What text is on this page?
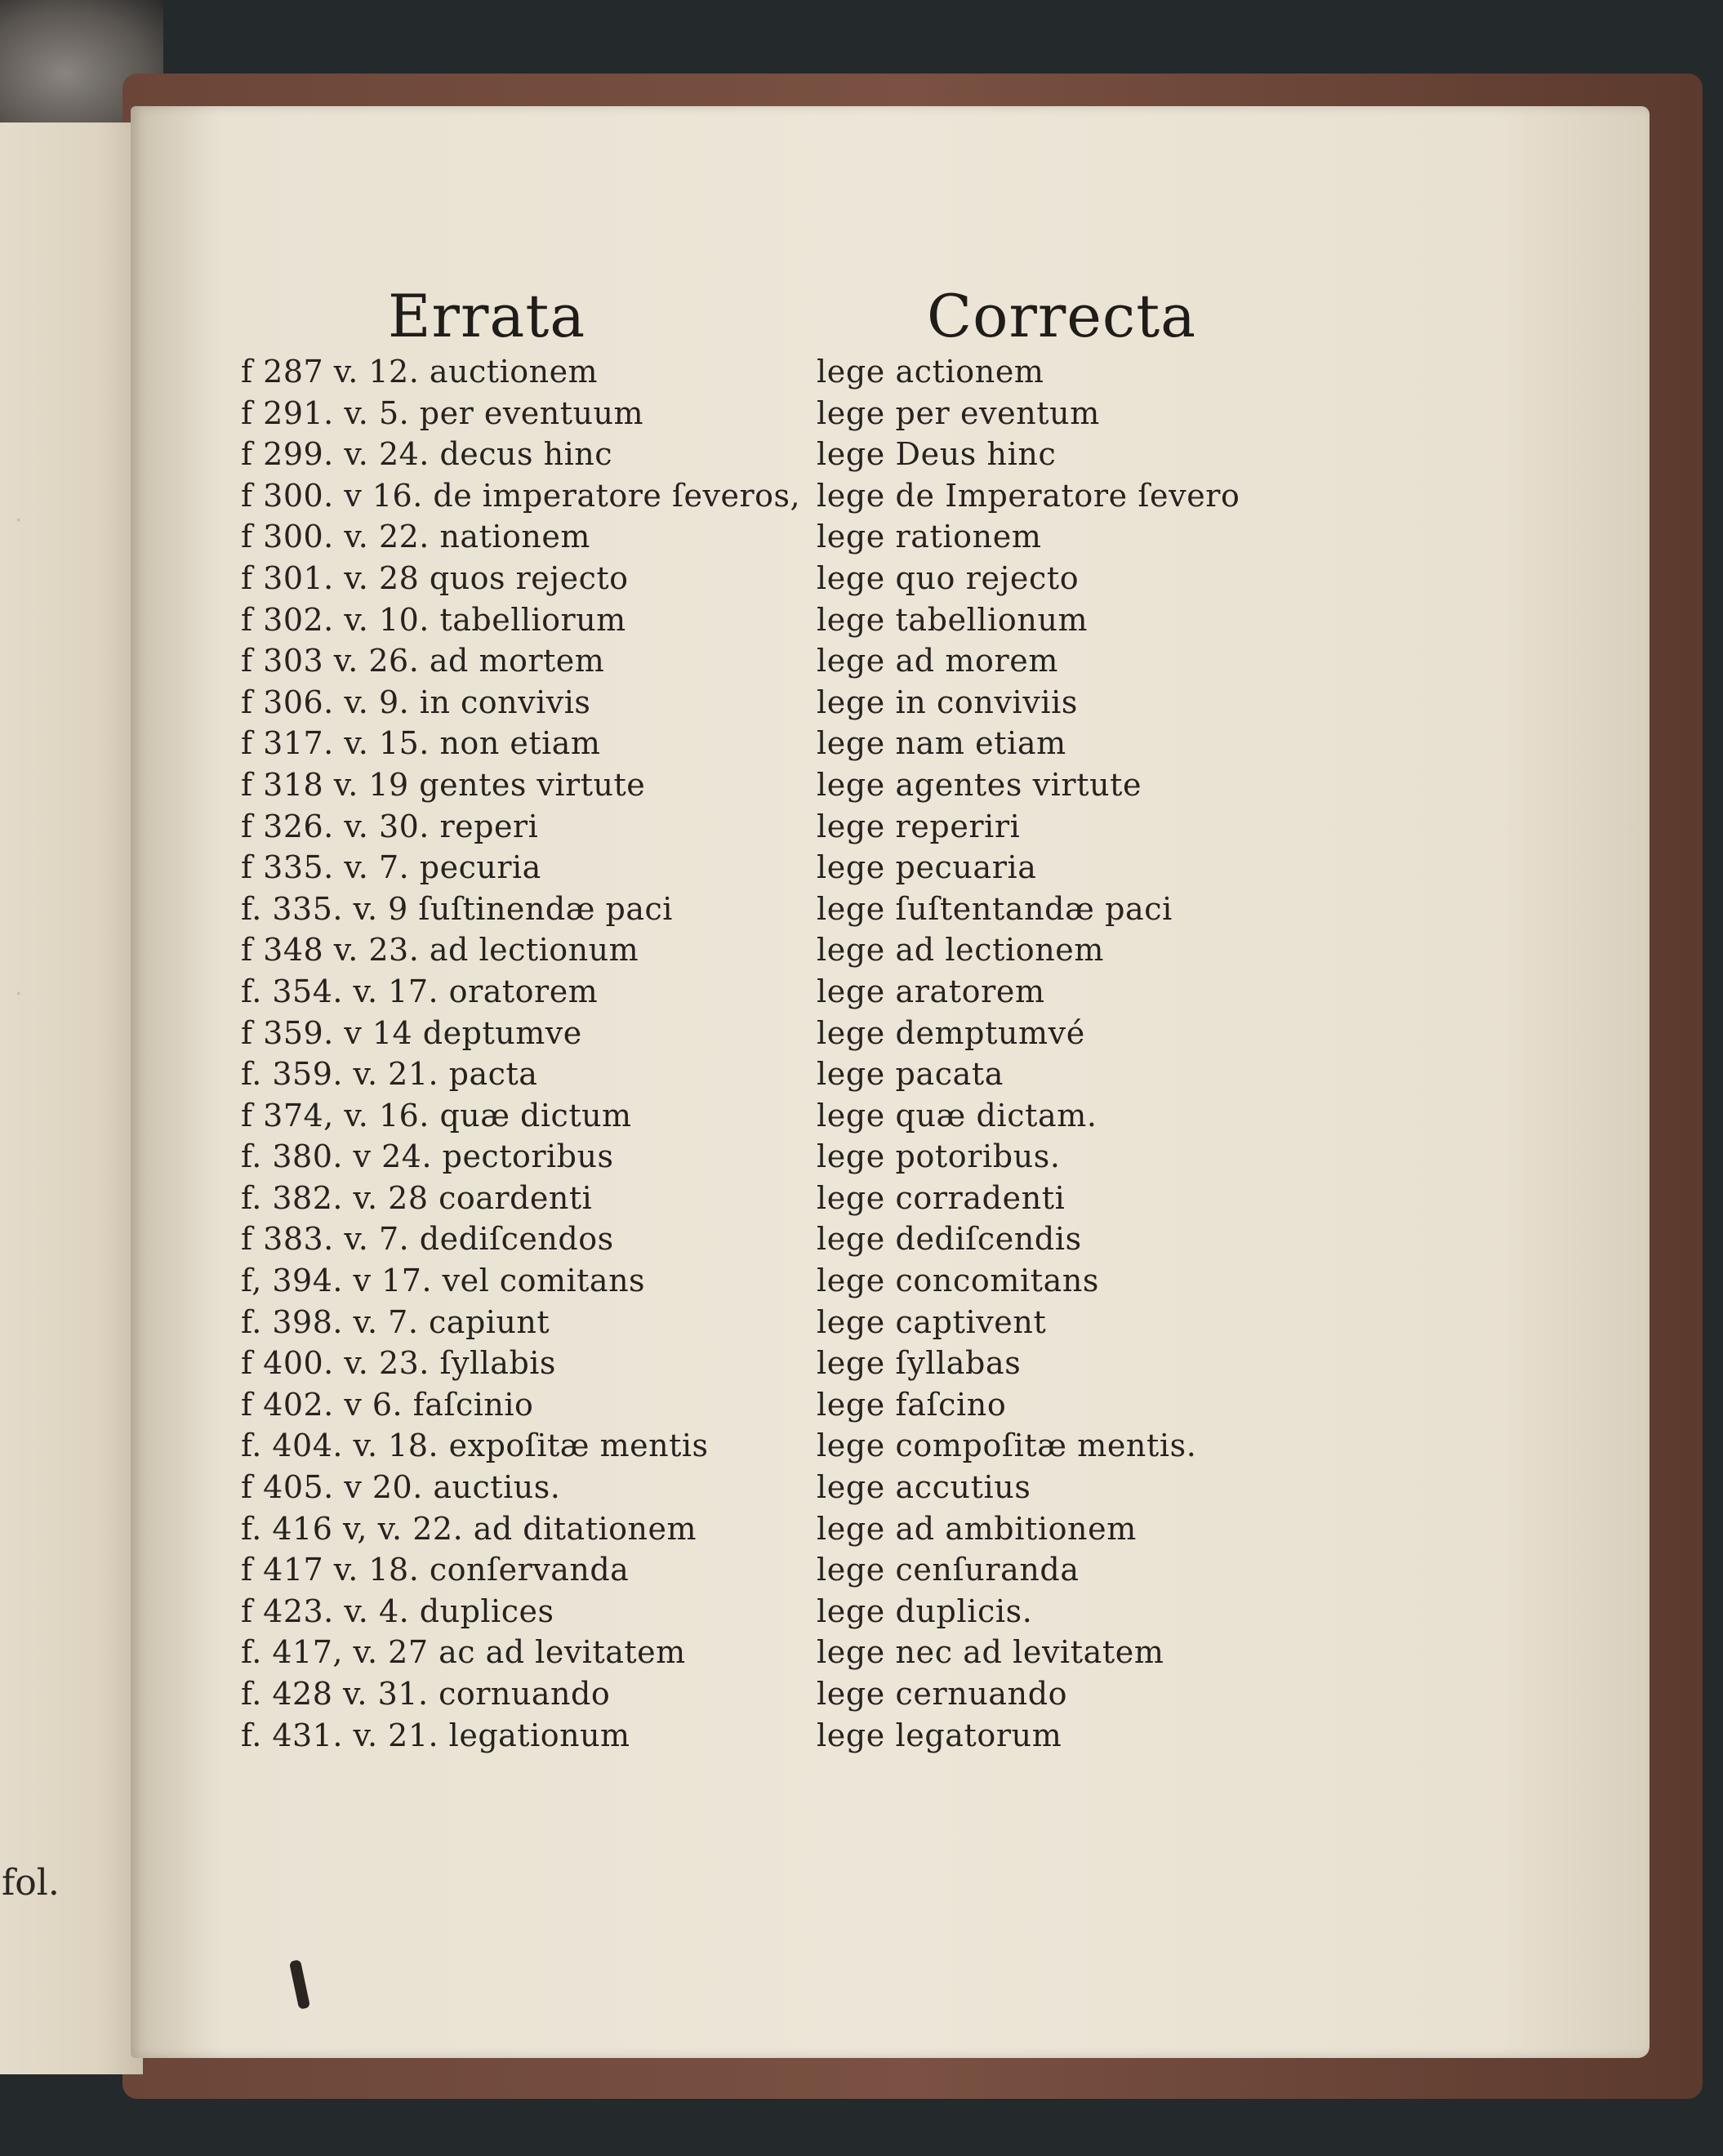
·
·
fol.
Errata	Correcta
f 287 v. 12. auctionem
f 291. v. 5. per eventuum
f 299. v. 24. decus hinc
f 300. v 16. de imperatore ſeveros,
f 300. v. 22. nationem
f 301. v. 28 quos rejecto
f 302. v. 10. tabelliorum
f 303 v. 26. ad mortem
f 306. v. 9. in convivis
f 317. v. 15. non etiam
f 318 v. 19 gentes virtute
f 326. v. 30. reperi
f 335. v. 7. pecuria
f. 335. v. 9 ſuſtinendæ paci
f 348 v. 23. ad lectionum
f. 354. v. 17. oratorem
f 359. v 14 deptumve
f. 359. v. 21. pacta
f 374, v. 16. quæ dictum
f. 380. v 24. pectoribus
f. 382. v. 28 coardenti
f 383. v. 7. dediſcendos
f, 394. v 17. vel comitans
f. 398. v. 7. capiunt
f 400. v. 23. ſyllabis
f 402. v 6. faſcinio
f. 404. v. 18. expoſitæ mentis
f 405. v 20. auctius.
f. 416 v, v. 22. ad ditationem
f 417 v. 18. conſervanda
f 423. v. 4. duplices
f. 417, v. 27 ac ad levitatem
f. 428 v. 31. cornuando
f. 431. v. 21. legationum
lege actionem
lege per eventum
lege Deus hinc
lege de Imperatore ſevero
lege rationem
lege quo rejecto
lege tabellionum
lege ad morem
lege in conviviis
lege nam etiam
lege agentes virtute
lege reperiri
lege pecuaria
lege ſuſtentandæ paci
lege ad lectionem
lege aratorem
lege demptumvé
lege pacata
lege quæ dictam.
lege potoribus.
lege corradenti
lege dediſcendis
lege concomitans
lege captivent
lege ſyllabas
lege faſcino
lege compoſitæ mentis.
lege accutius
lege ad ambitionem
lege cenſuranda
lege duplicis.
lege nec ad levitatem
lege cernuando
lege legatorum
